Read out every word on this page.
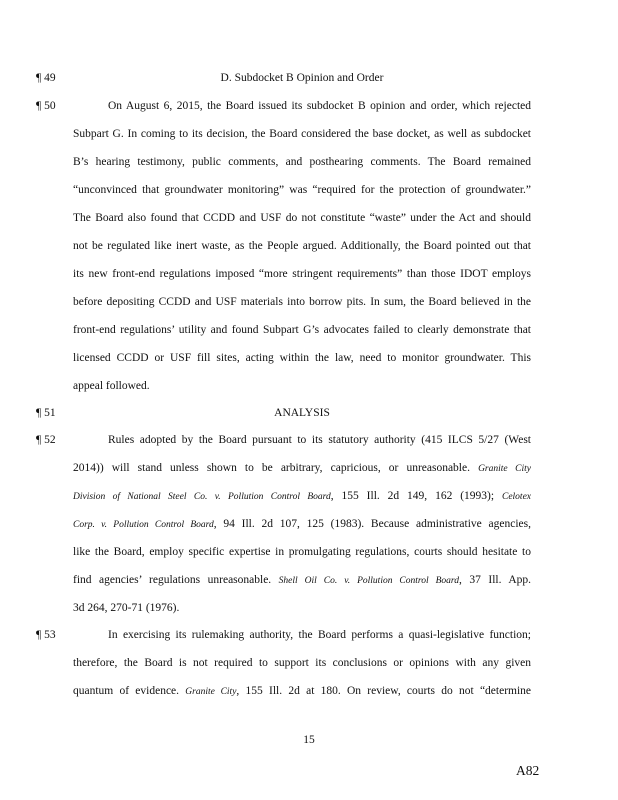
¶ 49	D. Subdocket B Opinion and Order
¶ 50	On August 6, 2015, the Board issued its subdocket B opinion and order, which rejected
Subpart G. In coming to its decision, the Board considered the base docket, as well as subdocket
B’s hearing testimony, public comments, and posthearing comments. The Board remained
“unconvinced that groundwater monitoring” was “required for the protection of groundwater.”
The Board also found that CCDD and USF do not constitute “waste” under the Act and should
not be regulated like inert waste, as the People argued. Additionally, the Board pointed out that
its new front-end regulations imposed “more stringent requirements” than those IDOT employs
before depositing CCDD and USF materials into borrow pits. In sum, the Board believed in the
front-end regulations’ utility and found Subpart G’s advocates failed to clearly demonstrate that
licensed CCDD or USF fill sites, acting within the law, need to monitor groundwater. This
appeal followed.
¶ 51	ANALYSIS
¶ 52	Rules adopted by the Board pursuant to its statutory authority (415 ILCS 5/27 (West
2014)) will stand unless shown to be arbitrary, capricious, or unreasonable. Granite City
Division of National Steel Co. v. Pollution Control Board, 155 Ill. 2d 149, 162 (1993); Celotex
Corp. v. Pollution Control Board, 94 Ill. 2d 107, 125 (1983). Because administrative agencies,
like the Board, employ specific expertise in promulgating regulations, courts should hesitate to
find agencies’ regulations unreasonable. Shell Oil Co. v. Pollution Control Board, 37 Ill. App.
3d 264, 270-71 (1976).
¶ 53	In exercising its rulemaking authority, the Board performs a quasi-legislative function;
therefore, the Board is not required to support its conclusions or opinions with any given
quantum of evidence. Granite City, 155 Ill. 2d at 180. On review, courts do not “determine
15
A82
